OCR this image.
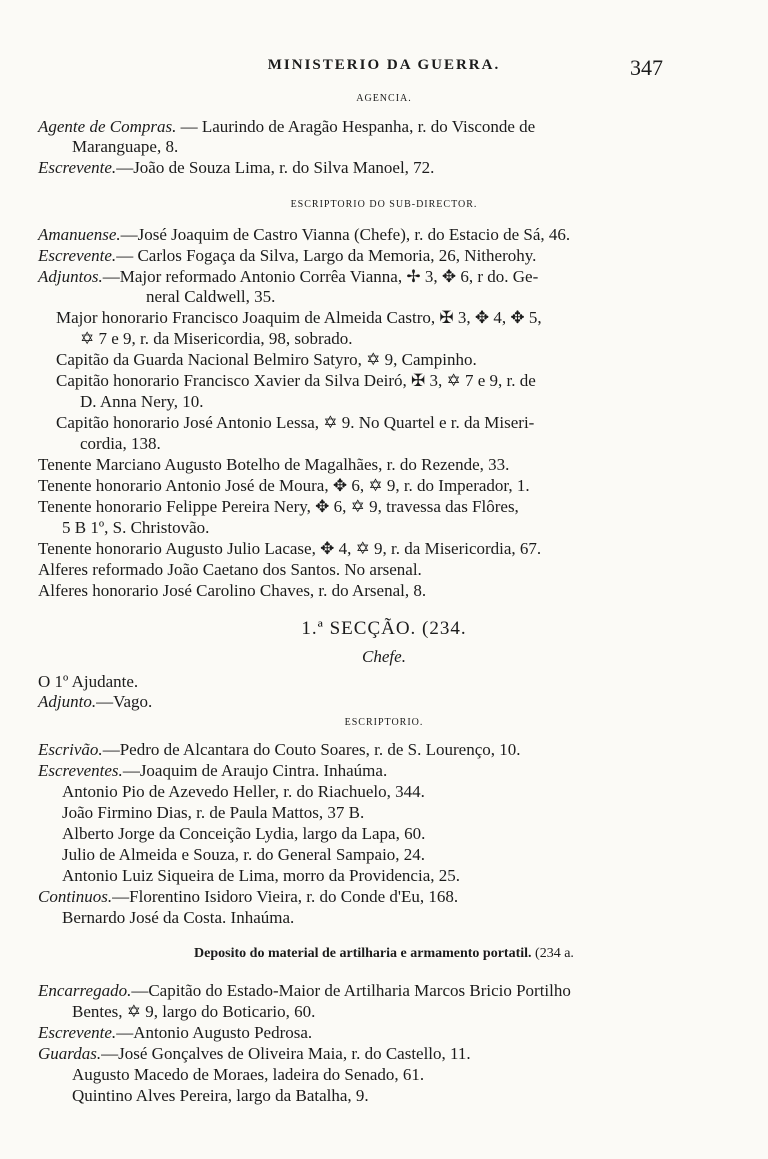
MINISTERIO DA GUERRA.	347
AGENCIA.
Agente de Compras. — Laurindo de Aragão Hespanha, r. do Visconde de
Maranguape, 8.
Escrevente.—João de Souza Lima, r. do Silva Manoel, 72.
ESCRIPTORIO DO SUB-DIRECTOR.
Amanuense.—José Joaquim de Castro Vianna (Chefe), r. do Estacio de Sá, 46.
Escrevente.— Carlos Fogaça da Silva, Largo da Memoria, 26, Nitherohy.
Adjuntos.—Major reformado Antonio Corrêa Vianna, ✢ 3, ✥ 6, r do. Ge-
neral Caldwell, 35.
Major honorario Francisco Joaquim de Almeida Castro, ✠ 3, ✥ 4, ✥ 5,
✡ 7 e 9, r. da Misericordia, 98, sobrado.
Capitão da Guarda Nacional Belmiro Satyro, ✡ 9, Campinho.
Capitão honorario Francisco Xavier da Silva Deiró, ✠ 3, ✡ 7 e 9, r. de
D. Anna Nery, 10.
Capitão honorario José Antonio Lessa, ✡ 9. No Quartel e r. da Miseri-
cordia, 138.
Tenente Marciano Augusto Botelho de Magalhães, r. do Rezende, 33.
Tenente honorario Antonio José de Moura, ✥ 6, ✡ 9, r. do Imperador, 1.
Tenente honorario Felippe Pereira Nery, ✥ 6, ✡ 9, travessa das Flôres,
5 B 1º, S. Christovão.
Tenente honorario Augusto Julio Lacase, ✥ 4, ✡ 9, r. da Misericordia, 67.
Alferes reformado João Caetano dos Santos. No arsenal.
Alferes honorario José Carolino Chaves, r. do Arsenal, 8.
1.ª SECÇÃO. (234.
Chefe.
O 1º Ajudante.
Adjunto.—Vago.
ESCRIPTORIO.
Escrivão.—Pedro de Alcantara do Couto Soares, r. de S. Lourenço, 10.
Escreventes.—Joaquim de Araujo Cintra. Inhaúma.
Antonio Pio de Azevedo Heller, r. do Riachuelo, 344.
João Firmino Dias, r. de Paula Mattos, 37 B.
Alberto Jorge da Conceição Lydia, largo da Lapa, 60.
Julio de Almeida e Souza, r. do General Sampaio, 24.
Antonio Luiz Siqueira de Lima, morro da Providencia, 25.
Continuos.—Florentino Isidoro Vieira, r. do Conde d'Eu, 168.
Bernardo José da Costa. Inhaúma.
Deposito do material de artilharia e armamento portatil. (234 a.
Encarregado.—Capitão do Estado-Maior de Artilharia Marcos Bricio Portilho
Bentes, ✡ 9, largo do Boticario, 60.
Escrevente.—Antonio Augusto Pedrosa.
Guardas.—José Gonçalves de Oliveira Maia, r. do Castello, 11.
Augusto Macedo de Moraes, ladeira do Senado, 61.
Quintino Alves Pereira, largo da Batalha, 9.
